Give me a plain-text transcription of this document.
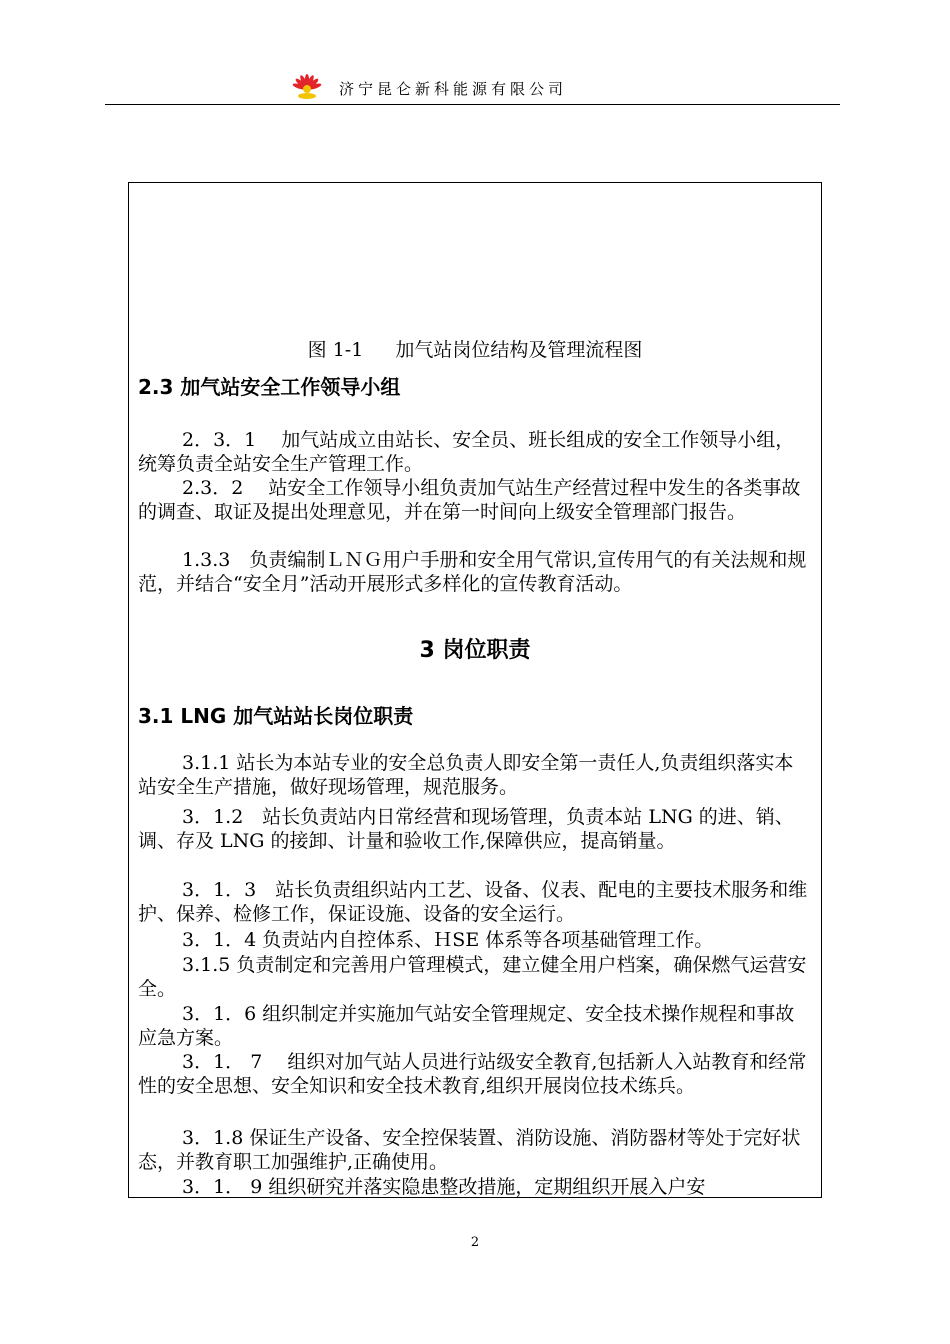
济宁昆仑新科能源有限公司
图 1-1 加气站岗位结构及管理流程图
2.3 加气站安全工作领导小组

2．3．1　 加气站成立由站长、安全员、班长组成的安全工作领导小组，统筹负责全站安全生产管理工作。

2.3．2　 站安全工作领导小组负责加气站生产经营过程中发生的各类事故的调查、取证及提出处理意见，并在第一时间向上级安全管理部门报告。

1.3.3　负责编制ＬＮＧ用户手册和安全用气常识,宣传用气的有关法规和规范，并结合“安全月”活动开展形式多样化的宣传教育活动。

3 岗位职责
3.1 LNG 加气站站长岗位职责

3.1.1 站长为本站专业的安全总负责人即安全第一责任人,负责组织落实本站安全生产措施，做好现场管理，规范服务。

3．1.2　站长负责站内日常经营和现场管理，负责本站 LNG 的进、销、调、存及 LNG 的接卸、计量和验收工作,保障供应，提高销量。

3．1．3　站长负责组织站内工艺、设备、仪表、配电的主要技术服务和维护、保养、检修工作，保证设施、设备的安全运行。

3．1．4 负责站内自控体系、ＨSE 体系等各项基础管理工作。

3.1.5 负责制定和完善用户管理模式，建立健全用户档案，确保燃气运营安全。

3．1．6 组织制定并实施加气站安全管理规定、安全技术操作规程和事故应急方案。

3．1． 7　 组织对加气站人员进行站级安全教育,包括新人入站教育和经常性的安全思想、安全知识和安全技术教育,组织开展岗位技术练兵。

3．1.8 保证生产设备、安全控保装置、消防设施、消防器材等处于完好状态，并教育职工加强维护,正确使用。

3．1． 9 组织研究并落实隐患整改措施，定期组织开展入户安

2
